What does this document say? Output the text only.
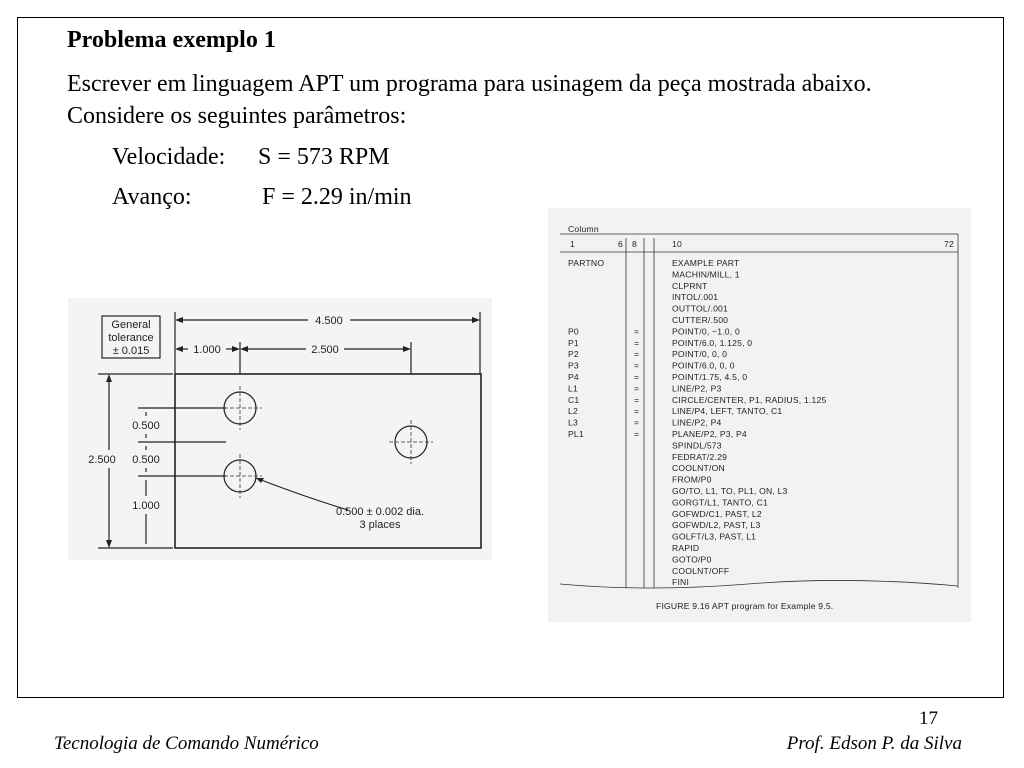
Problema exemplo 1
Escrever em linguagem APT um programa para usinagem da peça mostrada abaixo. Considere os seguintes parâmetros:
Velocidade: S = 573 RPM
Avanço:	F = 2.29 in/min
General
tolerance
± 0.015
4.500
1.000	2.500
2.500
0.500
0.500
1.000	0.500 ± 0.002 dia.
3 places
Column
1	6 8	10	72
PARTNO	EXAMPLE PART
MACHIN/MILL, 1
CLPRNT
INTOL/.001
OUTTOL/.001
CUTTER/.500
P0	=	POINT/0, −1.0, 0
P1	=	POINT/6.0, 1.125, 0
P2	=	POINT/0, 0, 0
P3	=	POINT/6.0, 0, 0
P4	=	POINT/1.75, 4.5, 0
L1	=	LINE/P2, P3
C1	=	CIRCLE/CENTER, P1, RADIUS, 1.125
L2	=	LINE/P4, LEFT, TANTO, C1
L3	=	LINE/P2, P4
PL1	=	PLANE/P2, P3, P4
SPINDL/573
FEDRAT/2.29
COOLNT/ON
FROM/P0
GO/TO, L1, TO, PL1, ON, L3
GORGT/L1, TANTO, C1
GOFWD/C1, PAST, L2
GOFWD/L2, PAST, L3
GOLFT/L3, PAST, L1
RAPID
GOTO/P0
COOLNT/OFF
FINI
FIGURE 9.16 APT program for Example 9.5.
17
Tecnologia de Comando Numérico	Prof. Edson P. da Silva
